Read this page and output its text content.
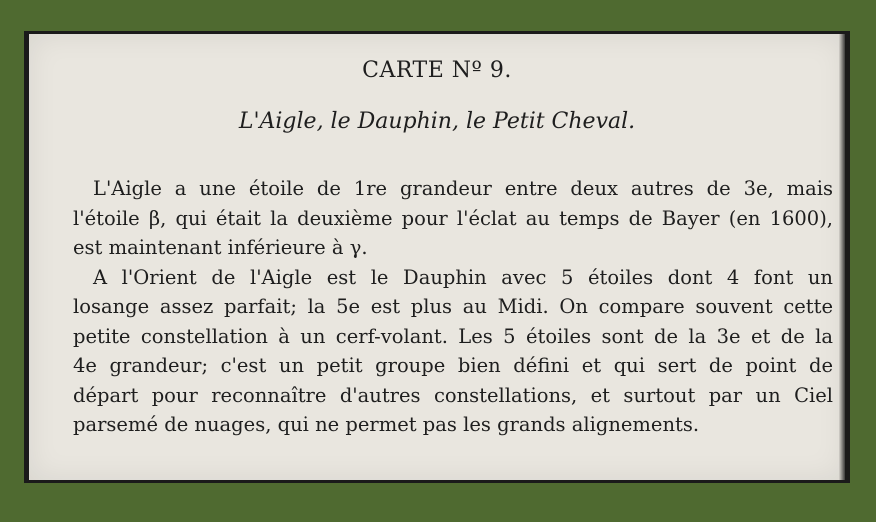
CARTE Nº 9.
L'Aigle, le Dauphin, le Petit Cheval.

L'Aigle a une étoile de 1re grandeur entre deux autres de 3e, mais
l'étoile β, qui était la deuxième pour l'éclat au temps de Bayer (en 1600),
est maintenant inférieure à γ.
A l'Orient de l'Aigle est le Dauphin avec 5 étoiles dont 4 font un
losange assez parfait; la 5e est plus au Midi. On compare souvent cette
petite constellation à un cerf-volant. Les 5 étoiles sont de la 3e et de la
4e grandeur; c'est un petit groupe bien défini et qui sert de point de
départ pour reconnaître d'autres constellations, et surtout par un Ciel
parsemé de nuages, qui ne permet pas les grands alignements.
